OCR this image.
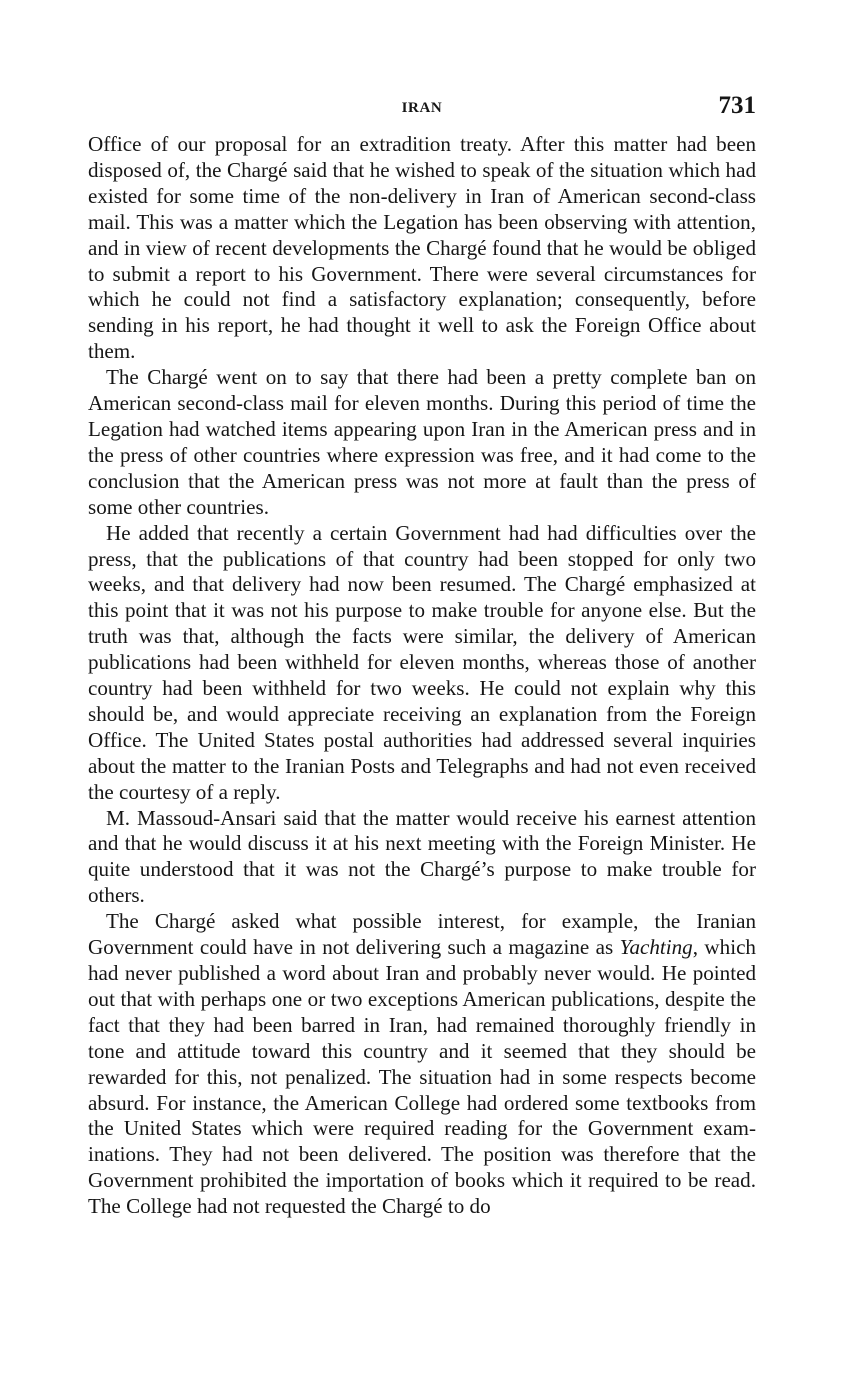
IRAN	731

Office of our proposal for an extradition treaty. After this matter had been disposed of, the Chargé said that he wished to speak of the situation which had existed for some time of the non-delivery in Iran of American second-class mail. This was a matter which the Legation has been observing with attention, and in view of recent developments the Chargé found that he would be obliged to submit a report to his Government. There were several circumstances for which he could not find a satisfactory explanation; consequently, before sending in his report, he had thought it well to ask the Foreign Office about them.

The Chargé went on to say that there had been a pretty complete ban on American second-class mail for eleven months. During this period of time the Legation had watched items appearing upon Iran in the American press and in the press of other countries where expression was free, and it had come to the conclusion that the American press was not more at fault than the press of some other countries.

He added that recently a certain Government had had difficulties over the press, that the publications of that country had been stopped for only two weeks, and that delivery had now been resumed. The Chargé emphasized at this point that it was not his purpose to make trouble for anyone else. But the truth was that, although the facts were similar, the delivery of American publications had been withheld for eleven months, whereas those of another country had been withheld for two weeks. He could not explain why this should be, and would appreciate receiving an explanation from the Foreign Office. The United States postal authorities had addressed several inquiries about the matter to the Iranian Posts and Telegraphs and had not even received the courtesy of a reply.

M. Massoud-Ansari said that the matter would receive his earnest attention and that he would discuss it at his next meeting with the Foreign Minister. He quite understood that it was not the Chargé’s purpose to make trouble for others.

The Chargé asked what possible interest, for example, the Iranian Government could have in not delivering such a magazine as Yachting, which had never published a word about Iran and probably never would. He pointed out that with perhaps one or two exceptions American publications, despite the fact that they had been barred in Iran, had remained thoroughly friendly in tone and attitude toward this country and it seemed that they should be rewarded for this, not penalized. The situation had in some respects become absurd. For instance, the American College had ordered some textbooks from the United States which were required reading for the Government examinations. They had not been delivered. The position was therefore that the Government prohibited the importation of books which it required to be read. The College had not requested the Chargé to do
